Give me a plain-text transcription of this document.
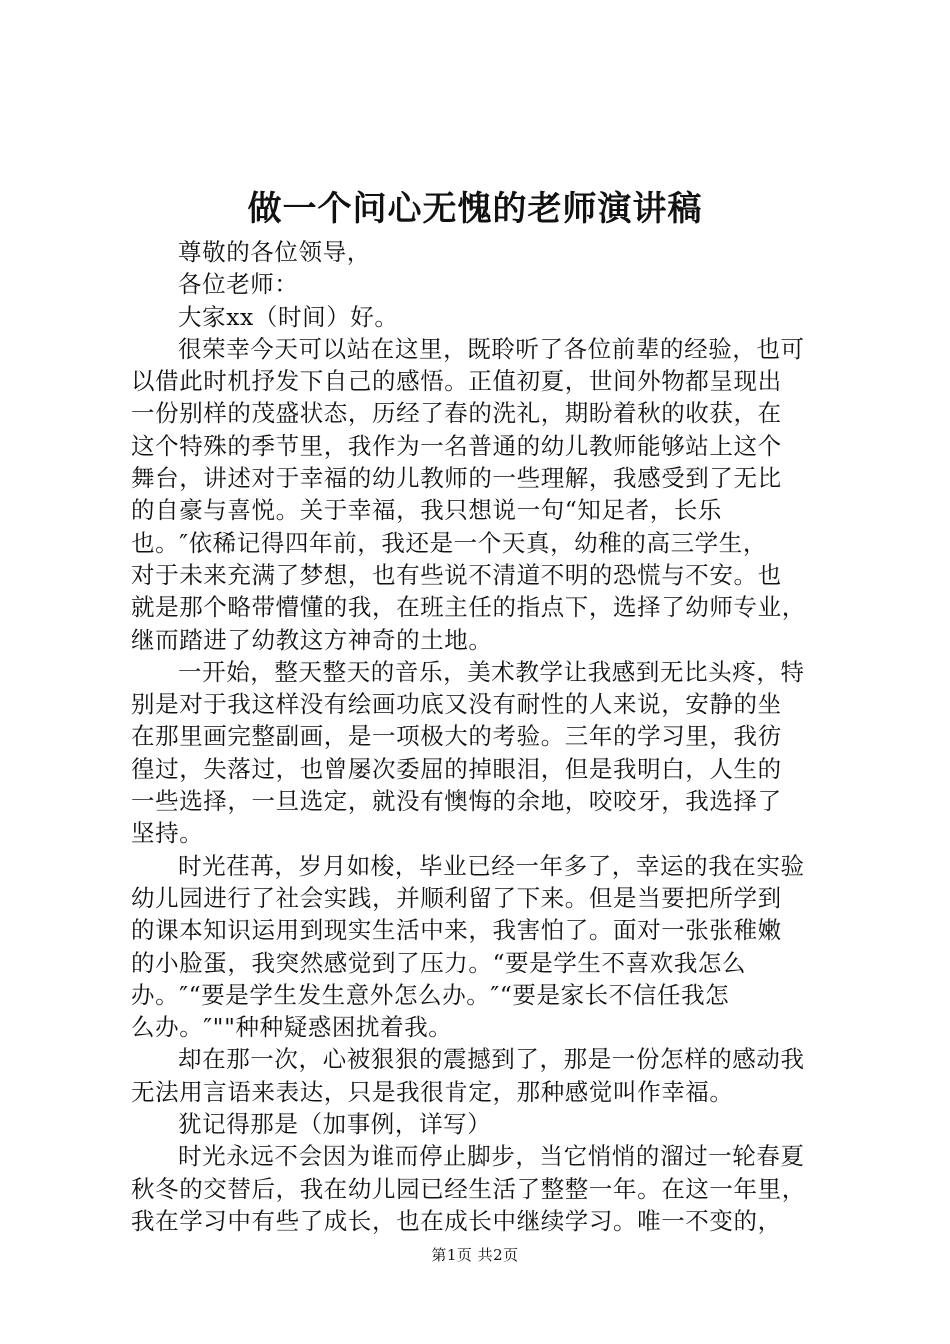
做一个问心无愧的老师演讲稿
尊敬的各位领导，
各位老师：
大家xx（时间）好。
很荣幸今天可以站在这里，既聆听了各位前辈的经验，也可
以借此时机抒发下自己的感悟。正值初夏，世间外物都呈现出
一份别样的茂盛状态，历经了春的洗礼，期盼着秋的收获，在
这个特殊的季节里，我作为一名普通的幼儿教师能够站上这个
舞台，讲述对于幸福的幼儿教师的一些理解，我感受到了无比
的自豪与喜悦。关于幸福，我只想说一句“知足者，长乐
也。″依稀记得四年前，我还是一个天真，幼稚的高三学生，
对于未来充满了梦想，也有些说不清道不明的恐慌与不安。也
就是那个略带懵懂的我，在班主任的指点下，选择了幼师专业，
继而踏进了幼教这方神奇的土地。
一开始，整天整天的音乐，美术教学让我感到无比头疼，特
别是对于我这样没有绘画功底又没有耐性的人来说，安静的坐
在那里画完整副画，是一项极大的考验。三年的学习里，我彷
徨过，失落过，也曾屡次委屈的掉眼泪，但是我明白，人生的
一些选择，一旦选定，就没有懊悔的余地，咬咬牙，我选择了
坚持。
时光荏苒，岁月如梭，毕业已经一年多了，幸运的我在实验
幼儿园进行了社会实践，并顺利留了下来。但是当要把所学到
的课本知识运用到现实生活中来，我害怕了。面对一张张稚嫩
的小脸蛋，我突然感觉到了压力。“要是学生不喜欢我怎么
办。″“要是学生发生意外怎么办。″“要是家长不信任我怎
么办。″""种种疑惑困扰着我。
却在那一次，心被狠狠的震撼到了，那是一份怎样的感动我
无法用言语来表达，只是我很肯定，那种感觉叫作幸福。
犹记得那是（加事例，详写）
时光永远不会因为谁而停止脚步，当它悄悄的溜过一轮春夏
秋冬的交替后，我在幼儿园已经生活了整整一年。在这一年里，
我在学习中有些了成长，也在成长中继续学习。唯一不变的，
第1页 共2页
